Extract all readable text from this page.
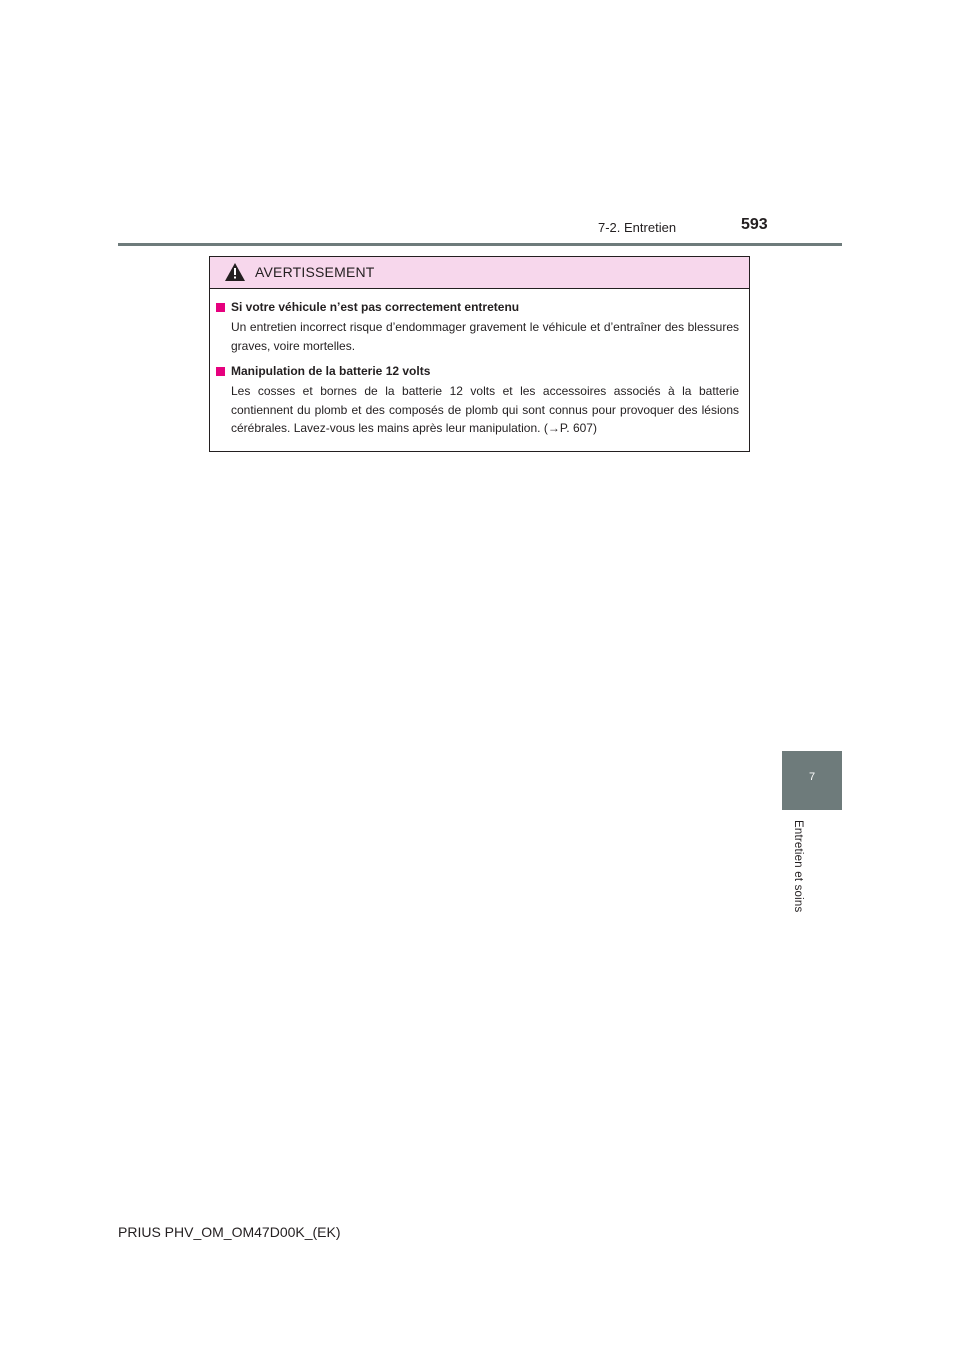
7-2. Entretien	593
AVERTISSEMENT
Si votre véhicule n’est pas correctement entretenu
Un entretien incorrect risque d’endommager gravement le véhicule et d’entraîner des blessures graves, voire mortelles.
Manipulation de la batterie 12 volts
Les cosses et bornes de la batterie 12 volts et les accessoires associés à la batterie contiennent du plomb et des composés de plomb qui sont connus pour provoquer des lésions cérébrales. Lavez-vous les mains après leur manipulation. (→P. 607)
7
Entretien et soins
PRIUS PHV_OM_OM47D00K_(EK)
